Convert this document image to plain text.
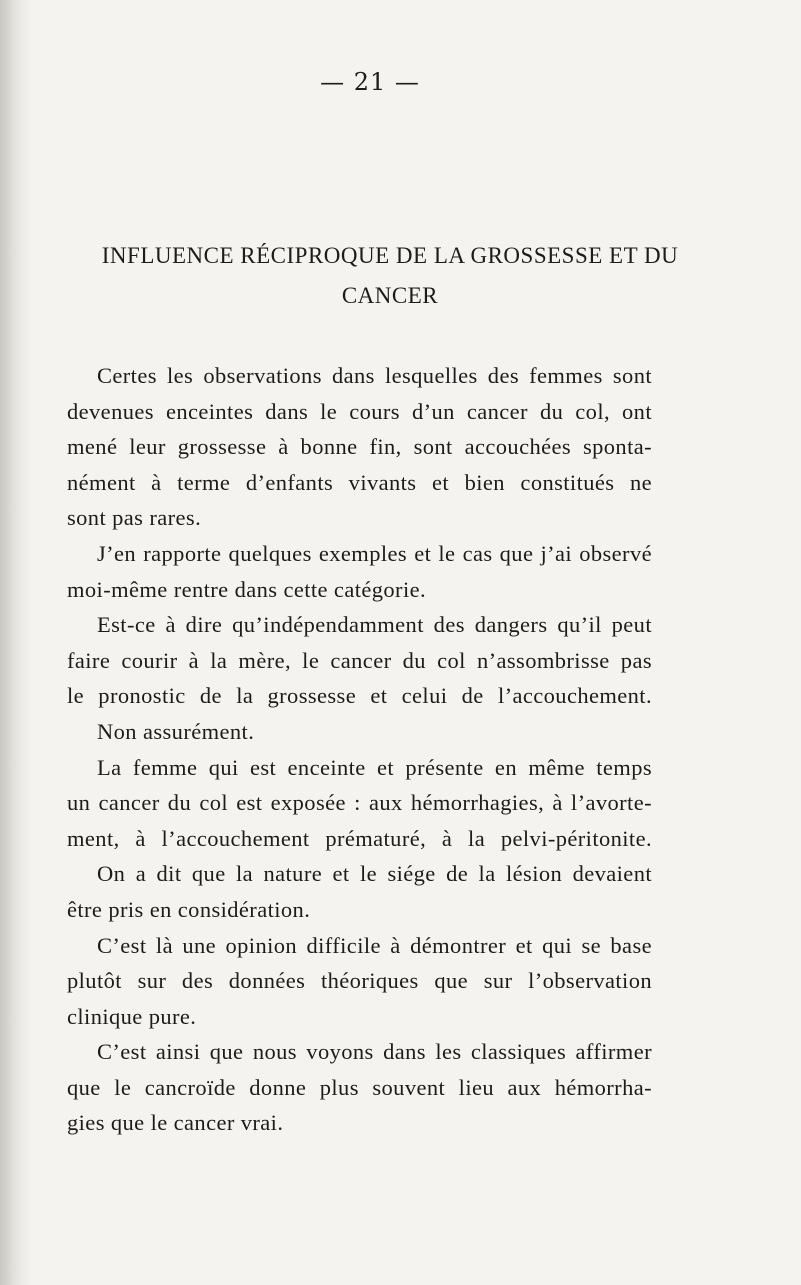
— 21 —
INFLUENCE RÉCIPROQUE DE LA GROSSESSE ET DU
CANCER
Certes les observations dans lesquelles des femmes sont
devenues enceintes dans le cours d’un cancer du col, ont
mené leur grossesse à bonne fin, sont accouchées sponta-
nément à terme d’enfants vivants et bien constitués ne
sont pas rares.
J’en rapporte quelques exemples et le cas que j’ai observé
moi-même rentre dans cette catégorie.
Est-ce à dire qu’indépendamment des dangers qu’il peut
faire courir à la mère, le cancer du col n’assombrisse pas
le pronostic de la grossesse et celui de l’accouchement.
Non assurément.
La femme qui est enceinte et présente en même temps
un cancer du col est exposée : aux hémorrhagies, à l’avorte-
ment, à l’accouchement prématuré, à la pelvi-péritonite.
On a dit que la nature et le siége de la lésion devaient
être pris en considération.
C’est là une opinion difficile à démontrer et qui se base
plutôt sur des données théoriques que sur l’observation
clinique pure.
C’est ainsi que nous voyons dans les classiques affirmer
que le cancroïde donne plus souvent lieu aux hémorrha-
gies que le cancer vrai.
